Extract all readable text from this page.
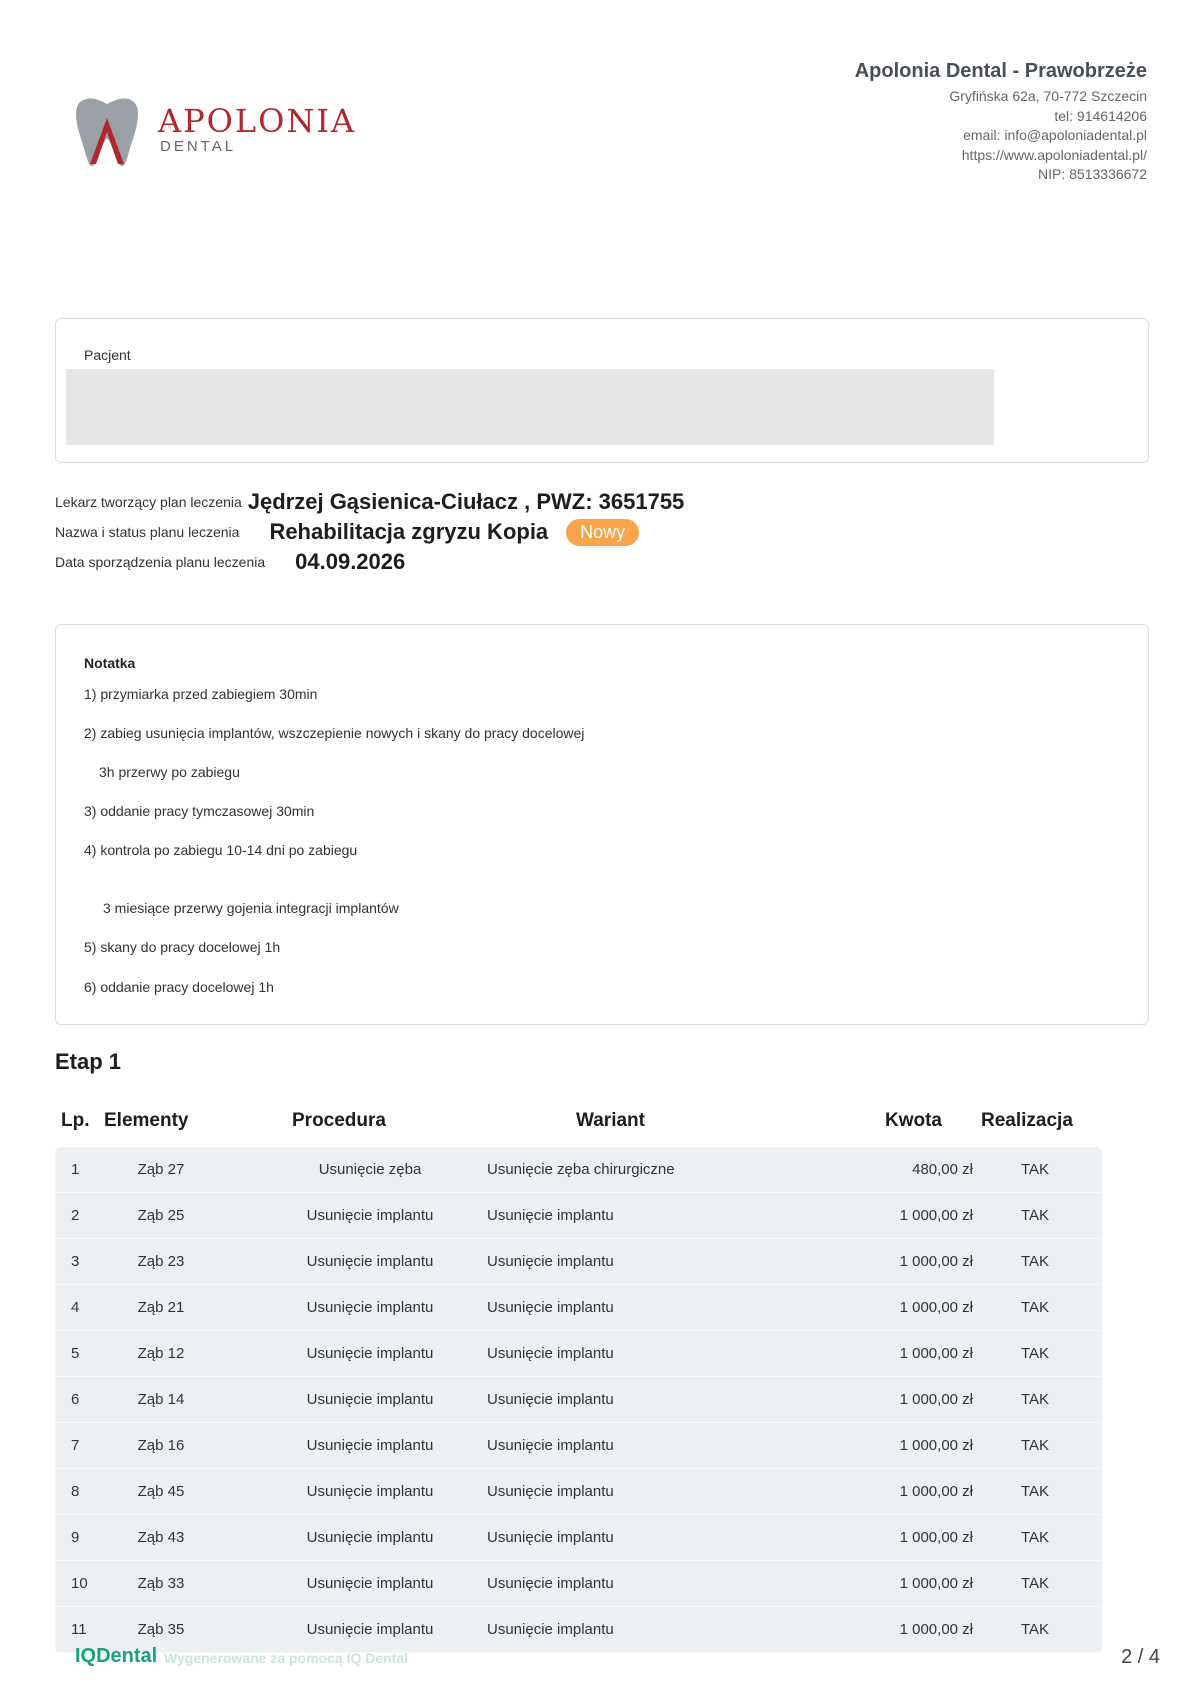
APOLONIA
DENTAL
Apolonia Dental - Prawobrzeże
Gryfińska 62a, 70-772 Szczecin
tel: 914614206
email: info@apoloniadental.pl
https://www.apoloniadental.pl/
NIP: 8513336672
Pacjent
Lekarz tworzący plan leczenia Jędrzej Gąsienica-Ciułacz , PWZ: 3651755
Nazwa i status planu leczenia Rehabilitacja zgryzu Kopia	Nowy
Data sporządzenia planu leczenia 04.09.2026
Notatka
1) przymiarka przed zabiegiem 30min
2) zabieg usunięcia implantów, wszczepienie nowych i skany do pracy docelowej
3h przerwy po zabiegu
3) oddanie pracy tymczasowej 30min
4) kontrola po zabiegu 10-14 dni po zabiegu
3 miesiące przerwy gojenia integracji implantów
5) skany do pracy docelowej 1h
6) oddanie pracy docelowej 1h
Etap 1
Lp. Elementy	Procedura	Wariant	Kwota Realizacja
1	Ząb 27	Usunięcie zęba	Usunięcie zęba chirurgiczne	480,00 zł	TAK
2	Ząb 25	Usunięcie implantu	Usunięcie implantu	1 000,00 zł	TAK
3	Ząb 23	Usunięcie implantu	Usunięcie implantu	1 000,00 zł	TAK
4	Ząb 21	Usunięcie implantu	Usunięcie implantu	1 000,00 zł	TAK
5	Ząb 12	Usunięcie implantu	Usunięcie implantu	1 000,00 zł	TAK
6	Ząb 14	Usunięcie implantu	Usunięcie implantu	1 000,00 zł	TAK
7	Ząb 16	Usunięcie implantu	Usunięcie implantu	1 000,00 zł	TAK
8	Ząb 45	Usunięcie implantu	Usunięcie implantu	1 000,00 zł	TAK
9	Ząb 43	Usunięcie implantu	Usunięcie implantu	1 000,00 zł	TAK
10	Ząb 33	Usunięcie implantu	Usunięcie implantu	1 000,00 zł	TAK
11	Ząb 35	Usunięcie implantu	Usunięcie implantu	1 000,00 zł	TAK
IQDental Wygenerowane za pomocą IQ Dental	2 / 4
